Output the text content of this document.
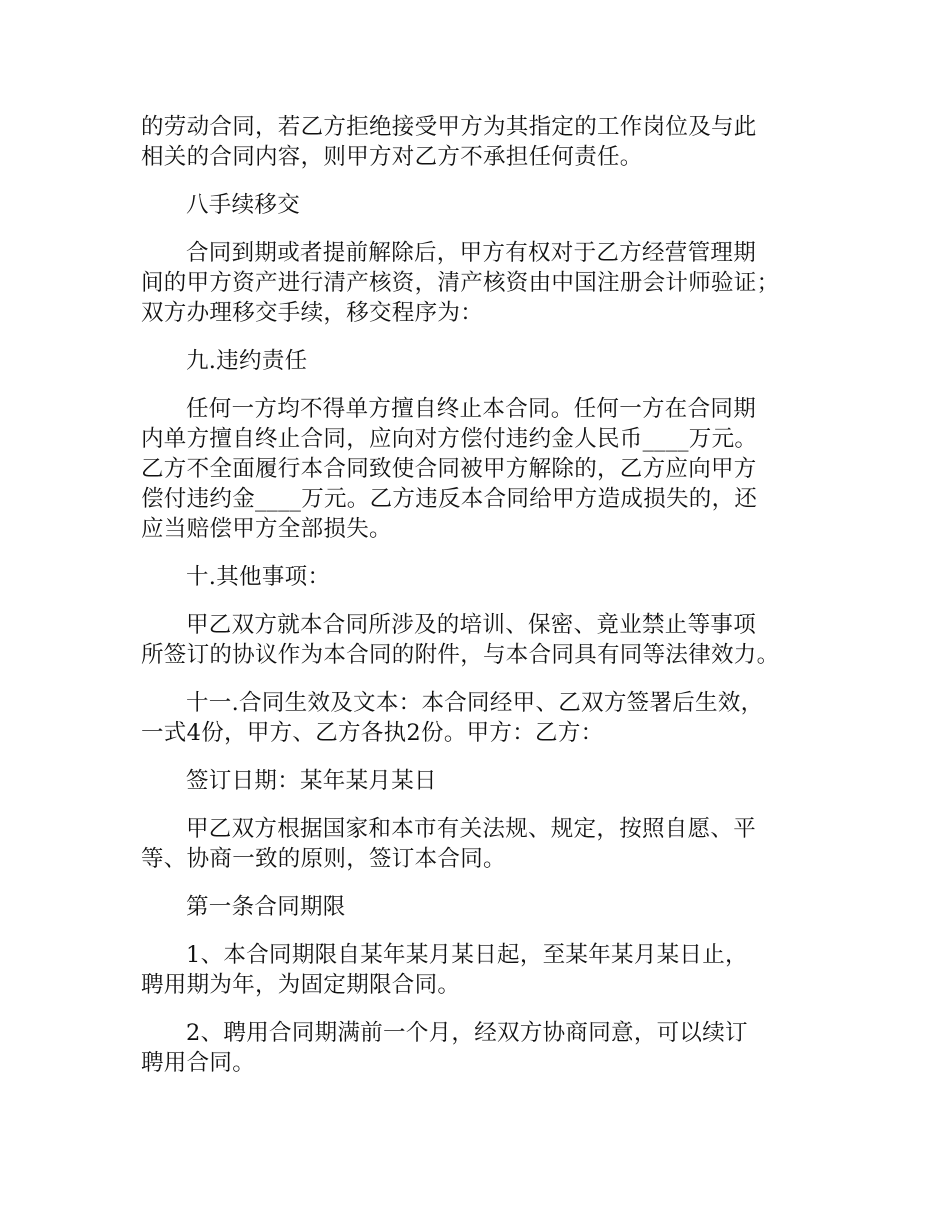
的劳动合同，若乙方拒绝接受甲方为其指定的工作岗位及与此
相关的合同内容，则甲方对乙方不承担任何责任。

八手续移交

合同到期或者提前解除后，甲方有权对于乙方经营管理期
间的甲方资产进行清产核资，清产核资由中国注册会计师验证；
双方办理移交手续，移交程序为：

九.违约责任

任何一方均不得单方擅自终止本合同。任何一方在合同期
内单方擅自终止合同，应向对方偿付违约金人民币____万元。
乙方不全面履行本合同致使合同被甲方解除的，乙方应向甲方
偿付违约金____万元。乙方违反本合同给甲方造成损失的，还
应当赔偿甲方全部损失。

十.其他事项：

甲乙双方就本合同所涉及的培训、保密、竟业禁止等事项
所签订的协议作为本合同的附件，与本合同具有同等法律效力。

十一.合同生效及文本：本合同经甲、乙双方签署后生效，
一式4份，甲方、乙方各执2份。甲方：乙方：

签订日期：某年某月某日

甲乙双方根据国家和本市有关法规、规定，按照自愿、平
等、协商一致的原则，签订本合同。

第一条合同期限

1、本合同期限自某年某月某日起，至某年某月某日止，
聘用期为年，为固定期限合同。

2、聘用合同期满前一个月，经双方协商同意，可以续订
聘用合同。
